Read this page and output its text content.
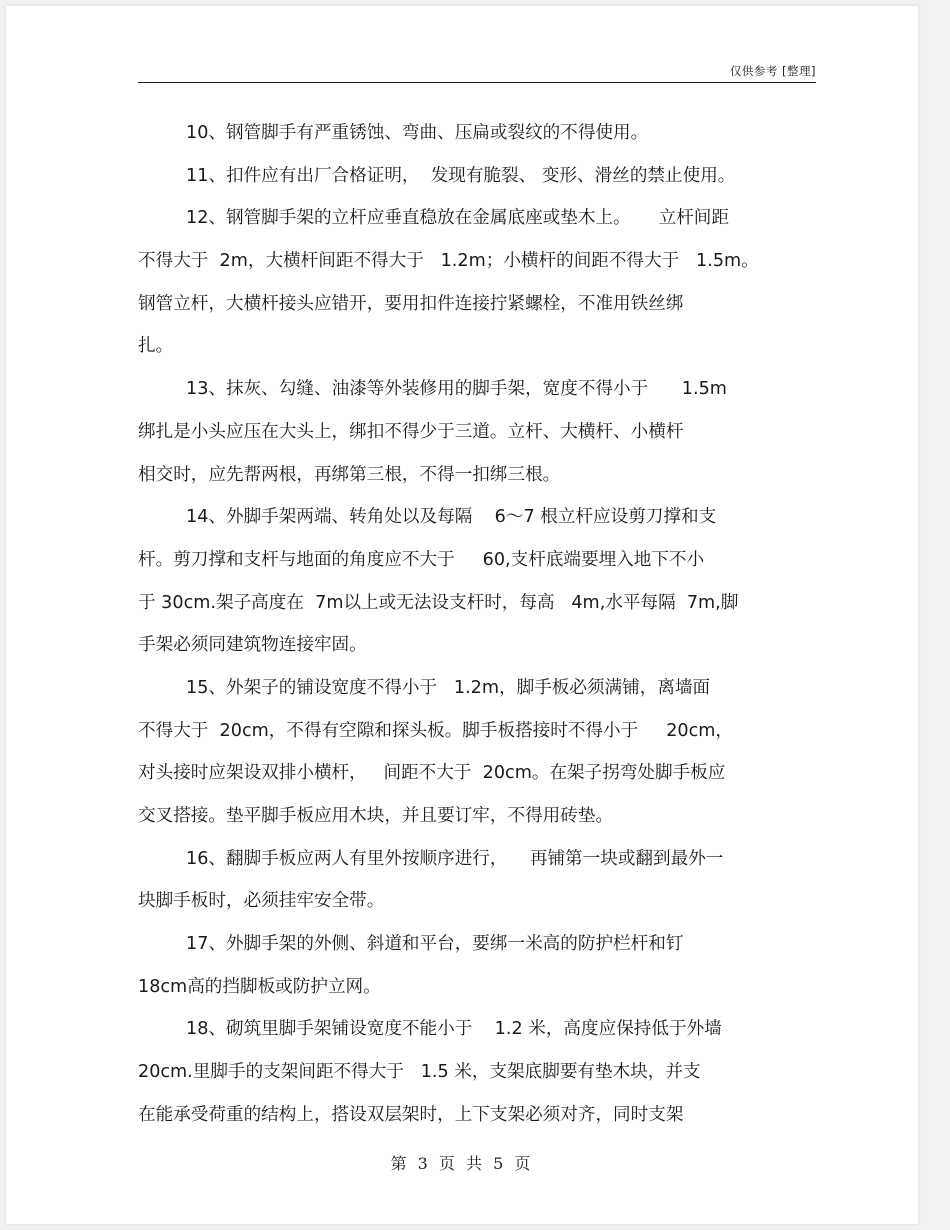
仅供参考 [整理]
10、钢管脚手有严重锈蚀、弯曲、压扁或裂纹的不得使用。
11、扣件应有出厂合格证明，  发现有脆裂、 变形、滑丝的禁止使用。
12、钢管脚手架的立杆应垂直稳放在金属底座或垫木上。     立杆间距
不得大于  2m，大横杆间距不得大于   1.2m；小横杆的间距不得大于   1.5m。
钢管立杆，大横杆接头应错开，要用扣件连接拧紧螺栓，不准用铁丝绑
扎。
13、抹灰、勾缝、油漆等外装修用的脚手架，宽度不得小于      1.5m
绑扎是小头应压在大头上，绑扣不得少于三道。立杆、大横杆、小横杆
相交时，应先帮两根，再绑第三根，不得一扣绑三根。
14、外脚手架两端、转角处以及每隔    6～7 根立杆应设剪刀撑和支
杆。剪刀撑和支杆与地面的角度应不大于     60,支杆底端要埋入地下不小
于 30cm.架子高度在  7m以上或无法设支杆时，每高   4m,水平每隔  7m,脚
手架必须同建筑物连接牢固。
15、外架子的铺设宽度不得小于   1.2m，脚手板必须满铺，离墙面
不得大于  20cm，不得有空隙和探头板。脚手板搭接时不得小于     20cm，
对头接时应架设双排小横杆，   间距不大于  20cm。在架子拐弯处脚手板应
交叉搭接。垫平脚手板应用木块，并且要订牢，不得用砖垫。
16、翻脚手板应两人有里外按顺序进行，    再铺第一块或翻到最外一
块脚手板时，必须挂牢安全带。
17、外脚手架的外侧、斜道和平台，要绑一米高的防护栏杆和钉
18cm高的挡脚板或防护立网。
18、砌筑里脚手架铺设宽度不能小于    1.2 米，高度应保持低于外墙
20cm.里脚手的支架间距不得大于   1.5 米，支架底脚要有垫木块，并支
在能承受荷重的结构上，搭设双层架时，上下支架必须对齐，同时支架
第 3 页 共 5 页
